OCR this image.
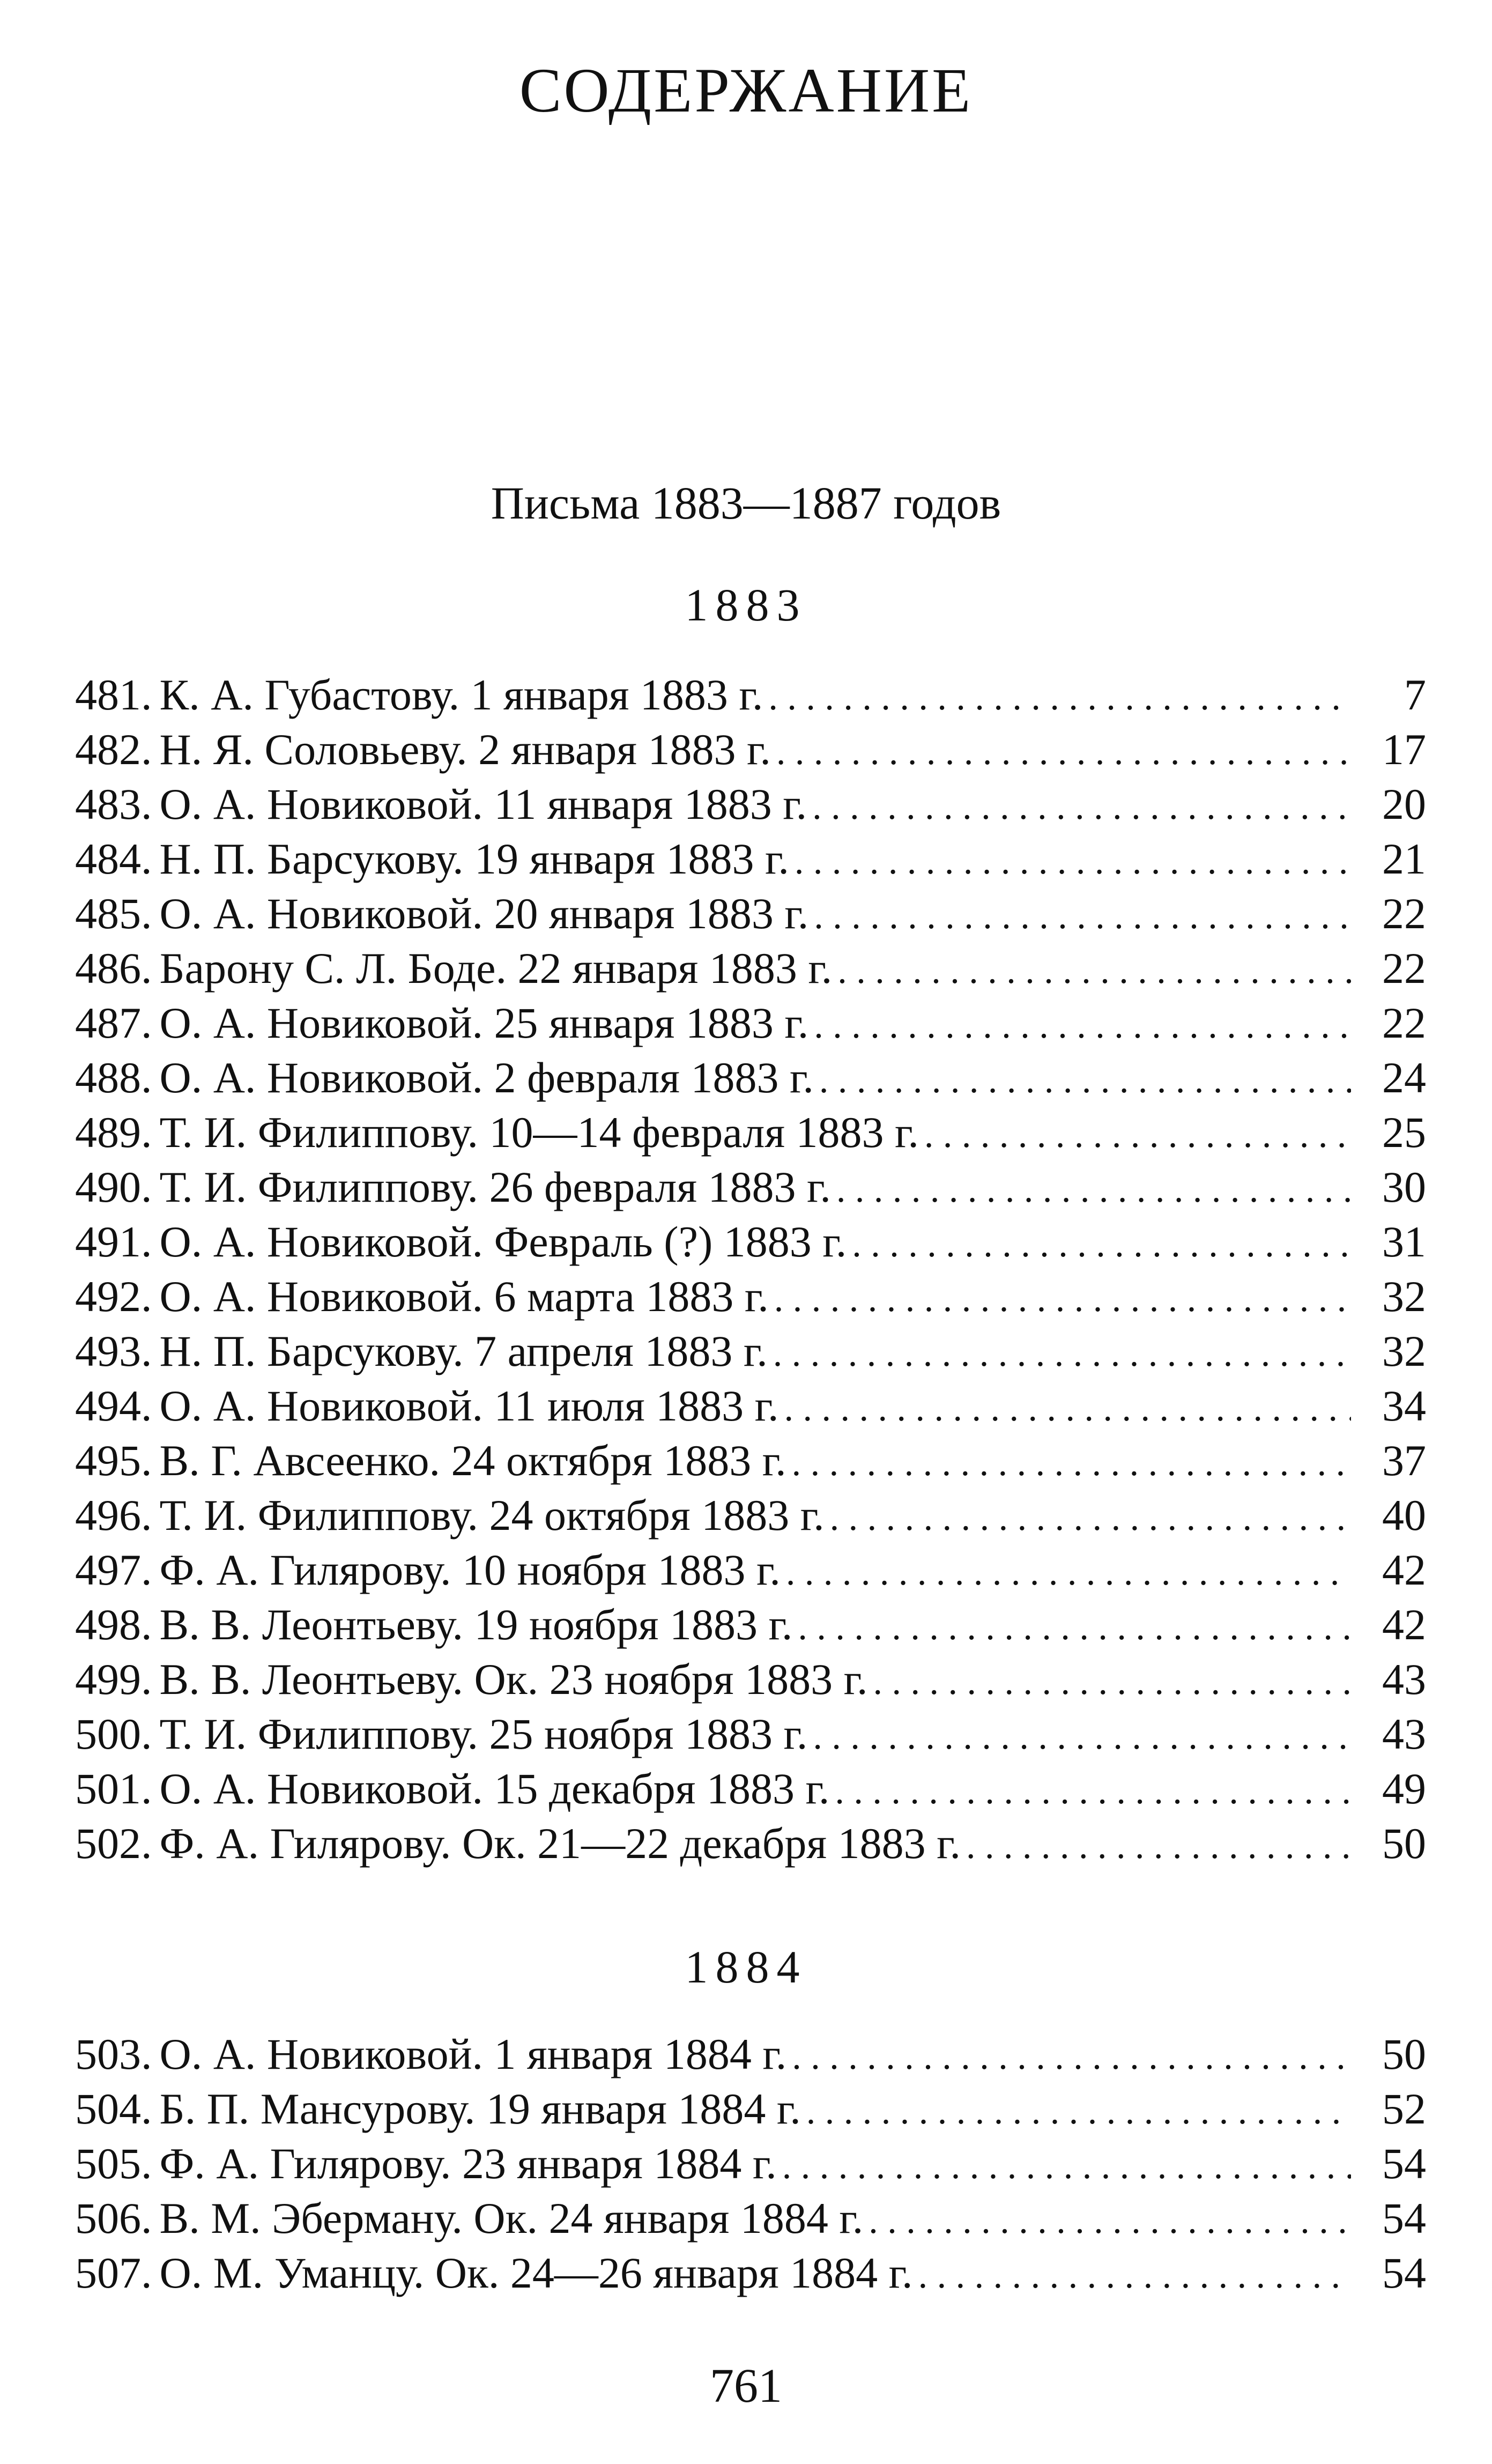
СОДЕРЖАНИЕ
Письма 1883—1887 годов
1883
481. К. А. Губастову. 1 января 1883 г. . . .	7
482. Н. Я. Соловьеву. 2 января 1883 г. . . .	17
483. О. А. Новиковой. 11 января 1883 г. . . .	20
484. Н. П. Барсукову. 19 января 1883 г. . . .	21
485. О. А. Новиковой. 20 января 1883 г. . . .	22
486. Барону С. Л. Боде. 22 января 1883 г. . . .	22
487. О. А. Новиковой. 25 января 1883 г. . . .	22
488. О. А. Новиковой. 2 февраля 1883 г. . . .	24
489. Т. И. Филиппову. 10—14 февраля 1883 г. . . .	25
490. Т. И. Филиппову. 26 февраля 1883 г. . . .	30
491. О. А. Новиковой. Февраль (?) 1883 г. . . .	31
492. О. А. Новиковой. 6 марта 1883 г. . . .	32
493. Н. П. Барсукову. 7 апреля 1883 г. . . .	32
494. О. А. Новиковой. 11 июля 1883 г. . . .	34
495. В. Г. Авсеенко. 24 октября 1883 г. . . .	37
496. Т. И. Филиппову. 24 октября 1883 г. . . .	40
497. Ф. А. Гилярову. 10 ноября 1883 г. . . .	42
498. В. В. Леонтьеву. 19 ноября 1883 г. . . .	42
499. В. В. Леонтьеву. Ок. 23 ноября 1883 г. . . .	43
500. Т. И. Филиппову. 25 ноября 1883 г. . . .	43
501. О. А. Новиковой. 15 декабря 1883 г. . . .	49
502. Ф. А. Гилярову. Ок. 21—22 декабря 1883 г. . . .	50
1884
503. О. А. Новиковой. 1 января 1884 г. . . .	50
504. Б. П. Мансурову. 19 января 1884 г. . . .	52
505. Ф. А. Гилярову. 23 января 1884 г. . . .	54
506. В. М. Эберману. Ок. 24 января 1884 г. . . .	54
507. О. М. Уманцу. Ок. 24—26 января 1884 г. . . .	54
761
